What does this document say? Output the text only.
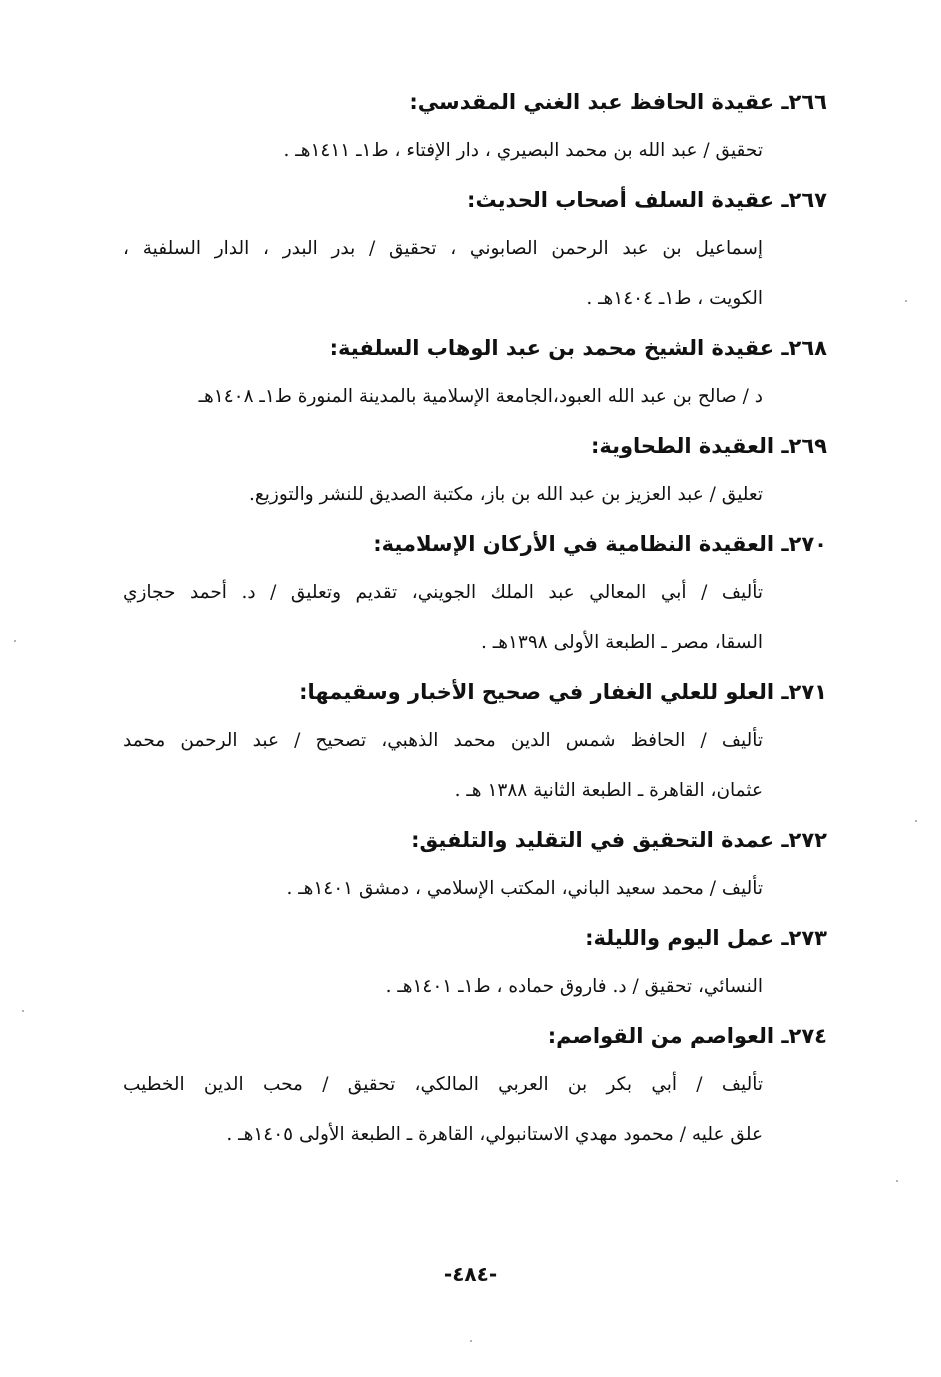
٢٦٦ـ عقيدة الحافظ عبد الغني المقدسي:
تحقيق / عبد الله بن محمد البصيري ، دار الإفتاء ، ط١ـ ١٤١١هـ .
٢٦٧ـ عقيدة السلف أصحاب الحديث:
إسماعيل بن عبد الرحمن الصابوني ، تحقيق / بدر البدر ، الدار السلفية ،
الكويت ، ط١ـ ١٤٠٤هـ .
٢٦٨ـ عقيدة الشيخ محمد بن عبد الوهاب السلفية:
د / صالح بن عبد الله العبود،الجامعة الإسلامية بالمدينة المنورة ط١ـ ١٤٠٨هـ
٢٦٩ـ العقيدة الطحاوية:
تعليق / عبد العزيز بن عبد الله بن باز، مكتبة الصديق للنشر والتوزيع.
٢٧٠ـ العقيدة النظامية في الأركان الإسلامية:
تأليف / أبي المعالي عبد الملك الجويني، تقديم وتعليق / د. أحمد حجازي
السقا، مصر ـ الطبعة الأولى ١٣٩٨هـ .
٢٧١ـ العلو للعلي الغفار في صحيح الأخبار وسقيمها:
تأليف / الحافظ شمس الدين محمد الذهبي، تصحيح / عبد الرحمن محمد
عثمان، القاهرة ـ الطبعة الثانية ١٣٨٨ هـ .
٢٧٢ـ عمدة التحقيق في التقليد والتلفيق:
تأليف / محمد سعيد الباني، المكتب الإسلامي ، دمشق ١٤٠١هـ .
٢٧٣ـ عمل اليوم والليلة:
النسائي، تحقيق / د. فاروق حماده ، ط١ـ ١٤٠١هـ .
٢٧٤ـ العواصم من القواصم:
تأليف / أبي بكر بن العربي المالكي، تحقيق / محب الدين الخطيب
علق عليه / محمود مهدي الاستانبولي، القاهرة ـ الطبعة الأولى ١٤٠٥هـ .
-٤٨٤-
